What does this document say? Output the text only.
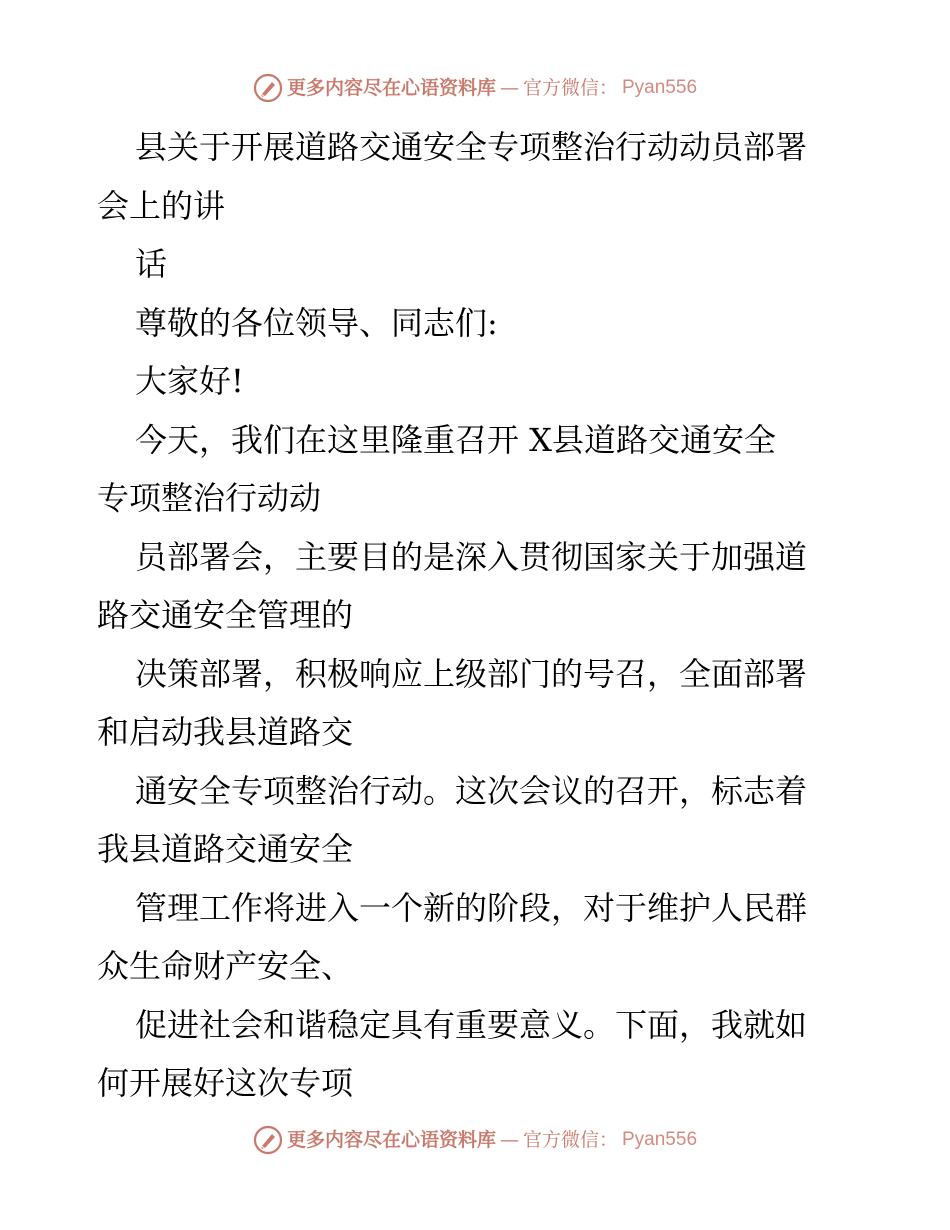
更多内容尽在心语资料库 — 官方微信： Pyan556
县关于开展道路交通安全专项整治行动动员部署
会上的讲
话
尊敬的各位领导、同志们:
大家好!
今天，我们在这里隆重召开 X县道路交通安全
专项整治行动动
员部署会，主要目的是深入贯彻国家关于加强道
路交通安全管理的
决策部署，积极响应上级部门的号召，全面部署
和启动我县道路交
通安全专项整治行动。这次会议的召开，标志着
我县道路交通安全
管理工作将进入一个新的阶段，对于维护人民群
众生命财产安全、
促进社会和谐稳定具有重要意义。下面，我就如
何开展好这次专项
更多内容尽在心语资料库 — 官方微信： Pyan556
